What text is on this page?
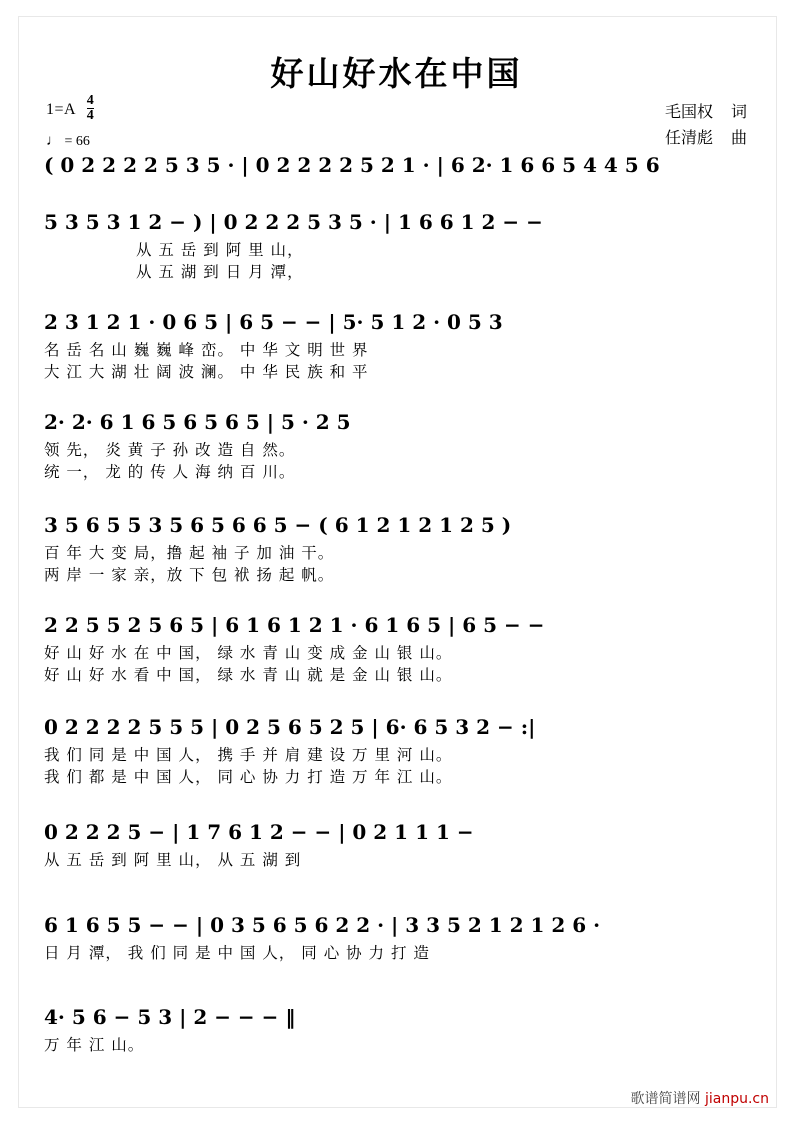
好山好水在中国
$1=A \frac{4}{4}$
♩ = 66
毛国权 词
任清彪 曲
( 0 2 2 2 2 5 3 5 · | 0 2 2 2 2 5 2 1 · | 6 2· 1 6 6 5 4 4 5 6
5 3 5 3 1 2 − ) | 0 2 2 2 5 3 5 · | 1 6 6 1 2 − −
从 五 岳 到 阿 里 山，
从 五 湖 到 日 月 潭，
2 3 1 2 1 · 0 6 5 | 6 5 − − | 5· 5 1 2 · 0 5 3
名 岳 名 山 巍 巍 峰 峦。 中 华 文 明 世 界
大 江 大 湖 壮 阔 波 澜。 中 华 民 族 和 平
2· 2· 6 1 6 5 6 5 6 5 | 5 · 2 5
领 先， 炎 黄 子 孙 改 造 自 然。
统 一， 龙 的 传 人 海 纳 百 川。
3 5 6 5 5 3 5 6 5 6 6 5 − ( 6 1 2 1 2 1 2 5 )
百 年 大 变 局，撸 起 袖 子 加 油 干。
两 岸 一 家 亲，放 下 包 袱 扬 起 帆。
2 2 5 5 2 5 6 5 | 6 1 6 1 2 1 · 6 1 6 5 | 6 5 − −
好 山 好 水 在 中 国， 绿 水 青 山 变 成 金 山 银 山。
好 山 好 水 看 中 国， 绿 水 青 山 就 是 金 山 银 山。
0 2 2 2 2 5 5 5 | 0 2 5 6 5 2 5 | 6· 6 5 3 2 − :|
我 们 同 是 中 国 人， 携 手 并 肩 建 设 万 里 河 山。
我 们 都 是 中 国 人， 同 心 协 力 打 造 万 年 江 山。
0 2 2 2 5 − | 1 7 6 1 2 − − | 0 2 1 1 1 −
从 五 岳 到 阿 里 山， 从 五 湖 到
6 1 6 5 5 − − | 0 3 5 6 5 6 2 2 · | 3 3 5 2 1 2 1 2 6 ·
日 月 潭， 我 们 同 是 中 国 人， 同 心 协 力 打 造
4· 5 6 − 5 3 | 2 − − − ‖
万 年 江 山。
歌谱简谱网 jianpu.cn
